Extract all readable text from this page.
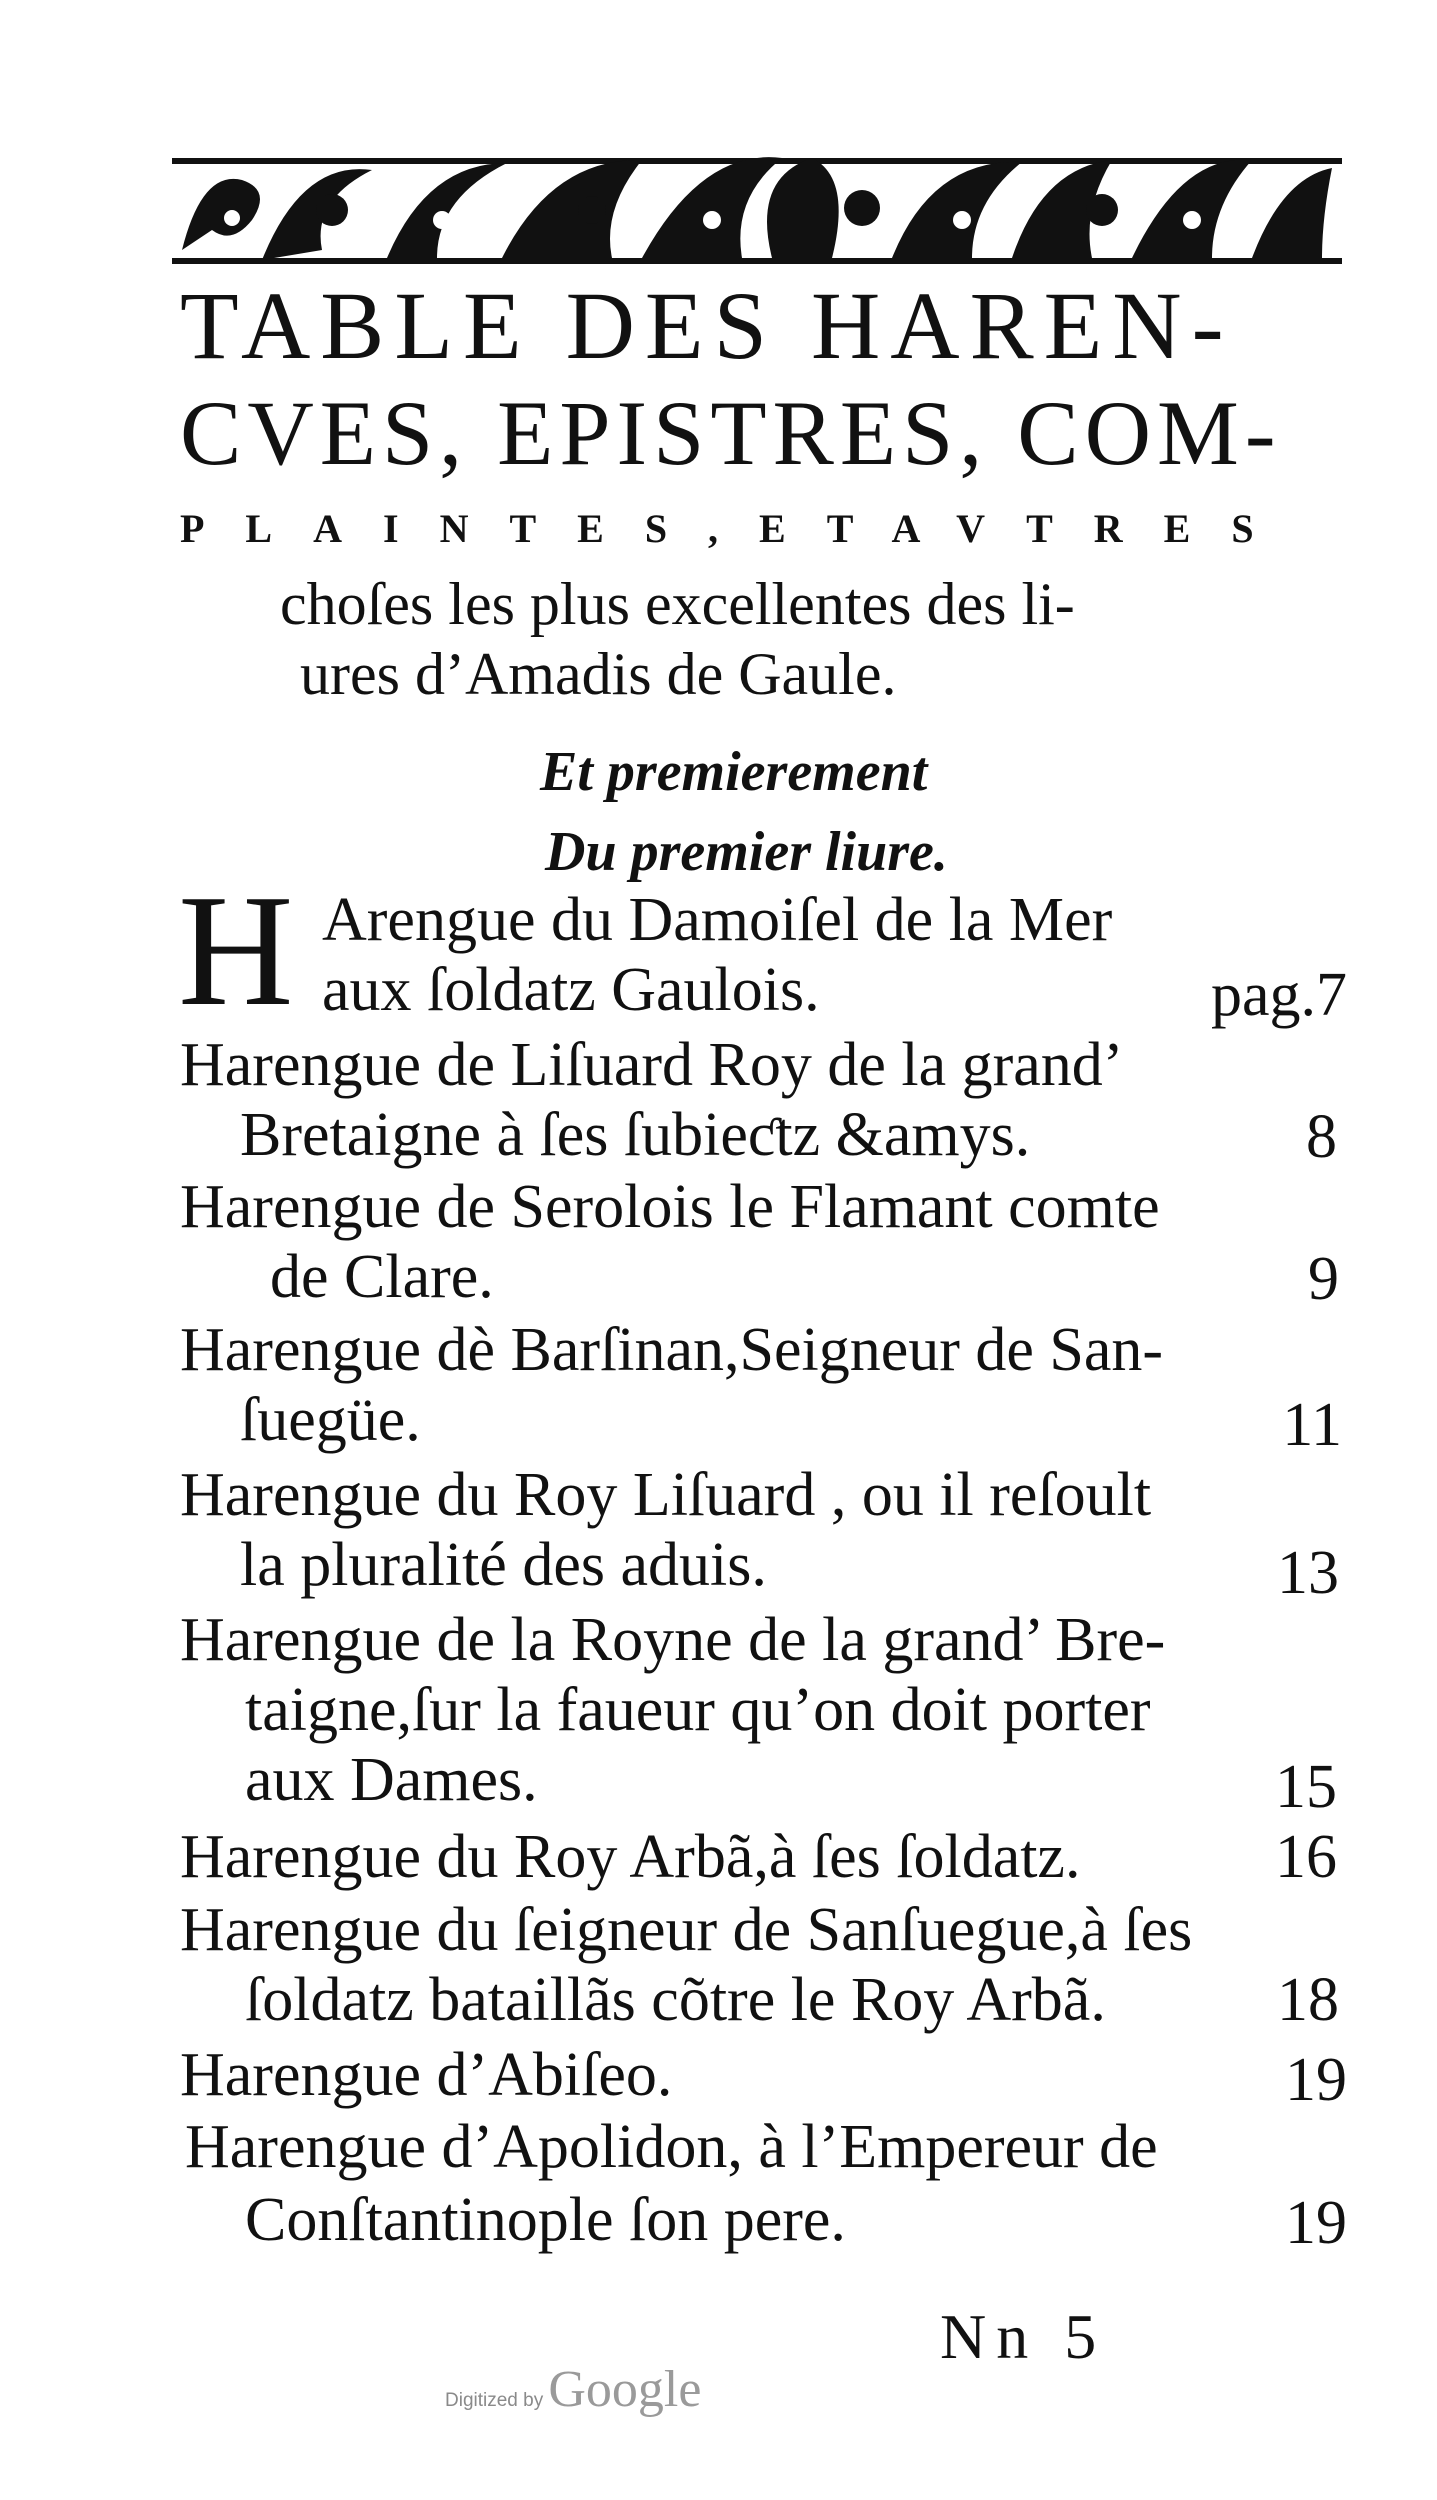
TABLE DES HAREN-
CVES, EPISTRES, COM-
PLAINTES,ETAVTRES
choſes les plus excellentes des li-
ures d’Amadis de Gaule.
Et premierement
Du premier liure.
H Arengue du Damoiſel de la Mer
aux ſoldatz Gaulois.	pag.7
Harengue de Liſuard Roy de la grand’
Bretaigne à ſes ſubieƈtz &amys.	8
Harengue de Serolois le Flamant comte
de Clare.	9
Harengue dè Barſinan,Seigneur de San-
ſuegüe.	11
Harengue du Roy Liſuard , ou il reſoult
la pluralité des aduis.	13
Harengue de la Royne de la grand’ Bre-
taigne,ſur la faueur qu’on doit porter
aux Dames.	15
Harengue du Roy Arbã,à ſes ſoldatz.	16
Harengue du ſeigneur de Sanſuegue,à ſes
ſoldatz bataillãs cõtre le Roy Arbã.	18
Harengue d’Abiſeo.	19
Harengue d’Apolidon, à l’Empereur de
Conſtantinople ſon pere.	19
Nn 5
Digitized by Google
